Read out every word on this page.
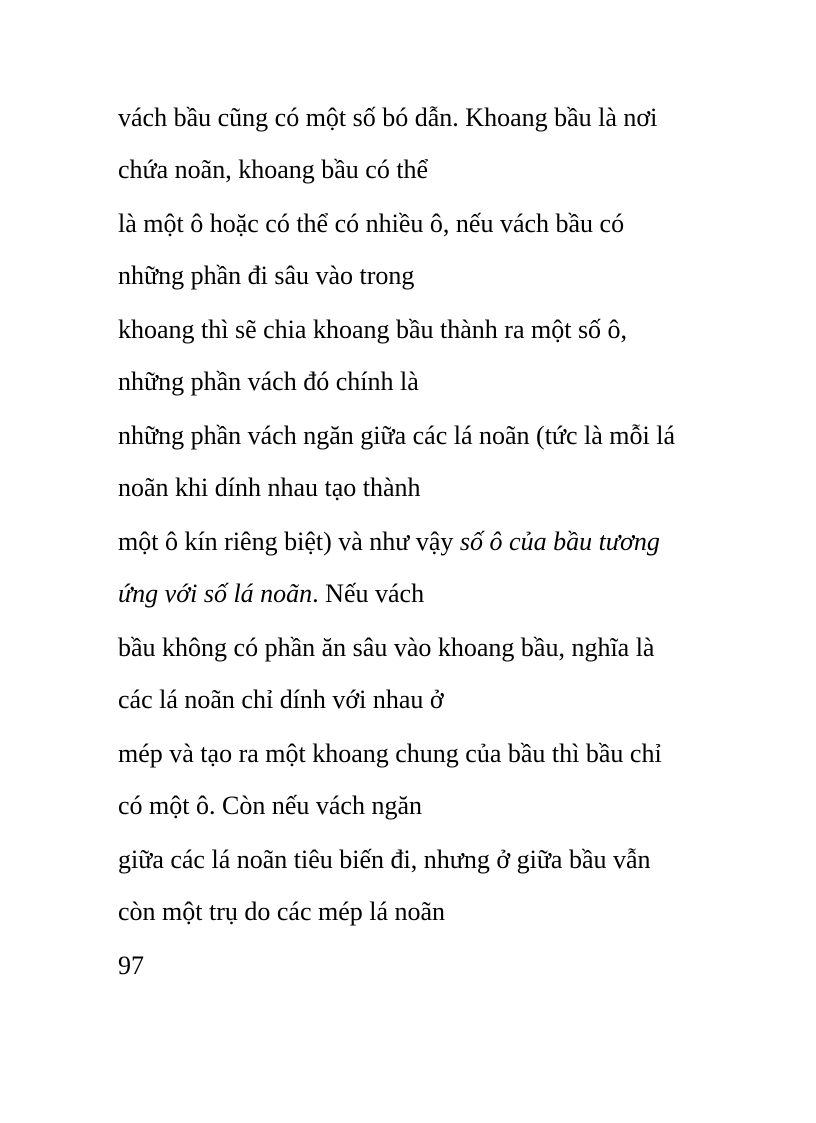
vách bầu cũng có một số bó dẫn. Khoang bầu là nơi

chứa noãn, khoang bầu có thể

là một ô hoặc có thể có nhiều ô, nếu vách bầu có

những phần đi sâu vào trong

khoang thì sẽ chia khoang bầu thành ra một số ô,

những phần vách đó chính là

những phần vách ngăn giữa các lá noãn (tức là mỗi lá

noãn khi dính nhau tạo thành

một ô kín riêng biệt) và như vậy số ô của bầu tương

ứng với số lá noãn. Nếu vách

bầu không có phần ăn sâu vào khoang bầu, nghĩa là

các lá noãn chỉ dính với nhau ở

mép và tạo ra một khoang chung của bầu thì bầu chỉ

có một ô. Còn nếu vách ngăn

giữa các lá noãn tiêu biến đi, nhưng ở giữa bầu vẫn

còn một trụ do các mép lá noãn

97
